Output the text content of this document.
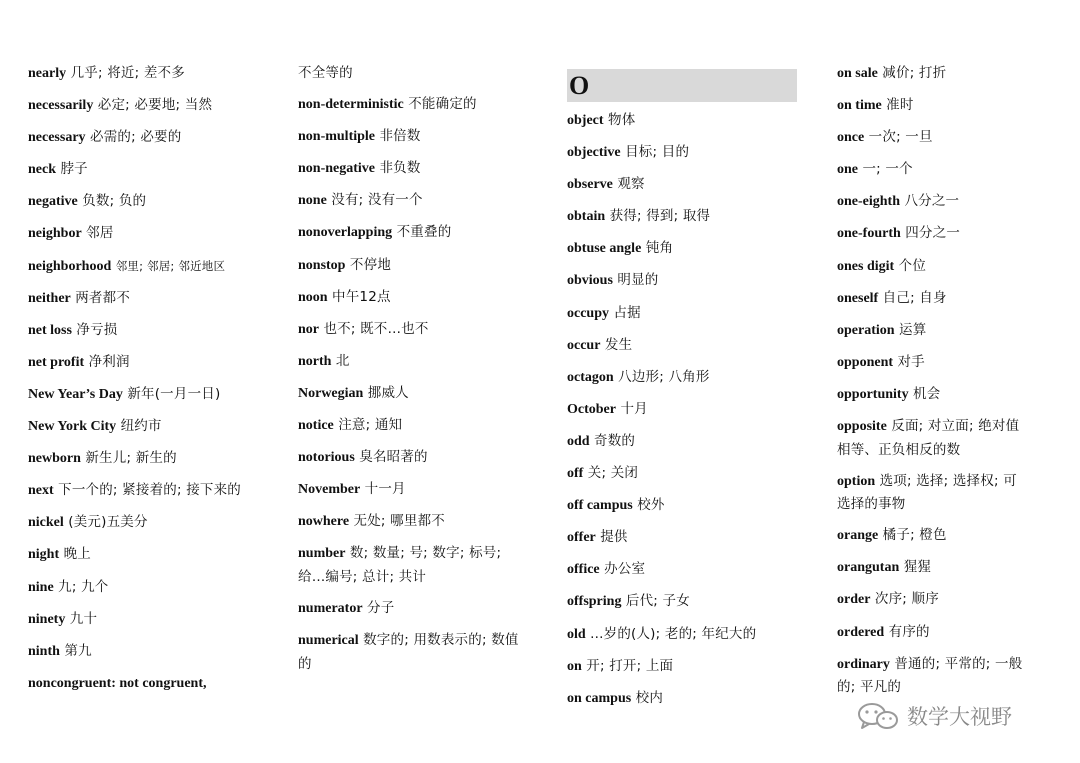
nearly 几乎; 将近; 差不多
necessarily 必定; 必要地; 当然
necessary 必需的; 必要的
neck 脖子
negative 负数; 负的
neighbor 邻居
neighborhood 邻里; 邻居; 邻近地区
neither 两者都不
net loss 净亏损
net profit 净利润
New Year’s Day 新年(一月一日)
New York City 纽约市
newborn 新生儿; 新生的
next 下一个的; 紧接着的; 接下来的
nickel (美元)五美分
night 晚上
nine 九; 九个
ninety 九十
ninth 第九
noncongruent: not congruent,
不全等的
non-deterministic 不能确定的
non-multiple 非倍数
non-negative 非负数
none 没有; 没有一个
nonoverlapping 不重叠的
nonstop 不停地
noon 中午12点
nor 也不; 既不…也不
north 北
Norwegian 挪威人
notice 注意; 通知
notorious 臭名昭著的
November 十一月
nowhere 无处; 哪里都不
number 数; 数量; 号; 数字; 标号; 给…编号; 总计; 共计
numerator 分子
numerical 数字的; 用数表示的; 数值的
O
object 物体
objective 目标; 目的
observe 观察
obtain 获得; 得到; 取得
obtuse angle 钝角
obvious 明显的
occupy 占据
occur 发生
octagon 八边形; 八角形
October 十月
odd 奇数的
off 关; 关闭
off campus 校外
offer 提供
office 办公室
offspring 后代; 子女
old ...岁的(人); 老的; 年纪大的
on 开; 打开; 上面
on campus 校内
on sale 减价; 打折
on time 准时
once 一次; 一旦
one 一; 一个
one-eighth 八分之一
one-fourth 四分之一
ones digit 个位
oneself 自己; 自身
operation 运算
opponent 对手
opportunity 机会
opposite 反面; 对立面; 绝对值相等、正负相反的数
option 选项; 选择; 选择权; 可选择的事物
orange 橘子; 橙色
orangutan 猩猩
order 次序; 顺序
ordered 有序的
ordinary 普通的; 平常的; 一般的; 平凡的
数学大视野
